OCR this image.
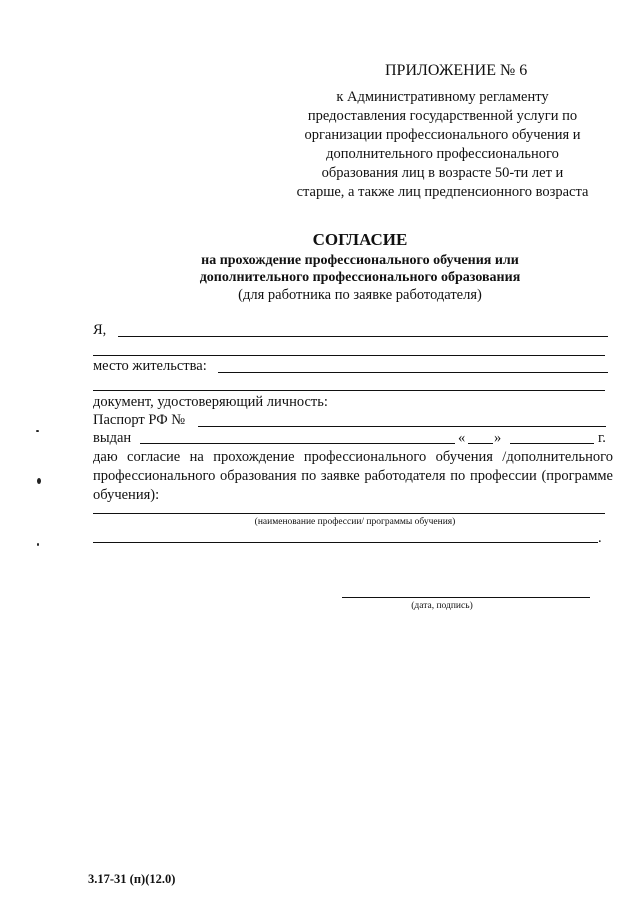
ПРИЛОЖЕНИЕ № 6
к Административному регламенту
предоставления государственной услуги по
организации профессионального обучения и
дополнительного профессионального
образования лиц в возрасте 50-ти лет и
старше, а также лиц предпенсионного возраста
СОГЛАСИЕ
на прохождение профессионального обучения или
дополнительного профессионального образования
(для работника по заявке работодателя)
Я,
место жительства:
документ, удостоверяющий личность:
Паспорт РФ №
выдан	« »	г.
даю согласие на прохождение профессионального обучения /дополнительного профессионального образования по заявке работодателя по профессии (программе обучения):
(наименование профессии/ программы обучения)
.
(дата, подпись)
3.17-31 (п)(12.0)
